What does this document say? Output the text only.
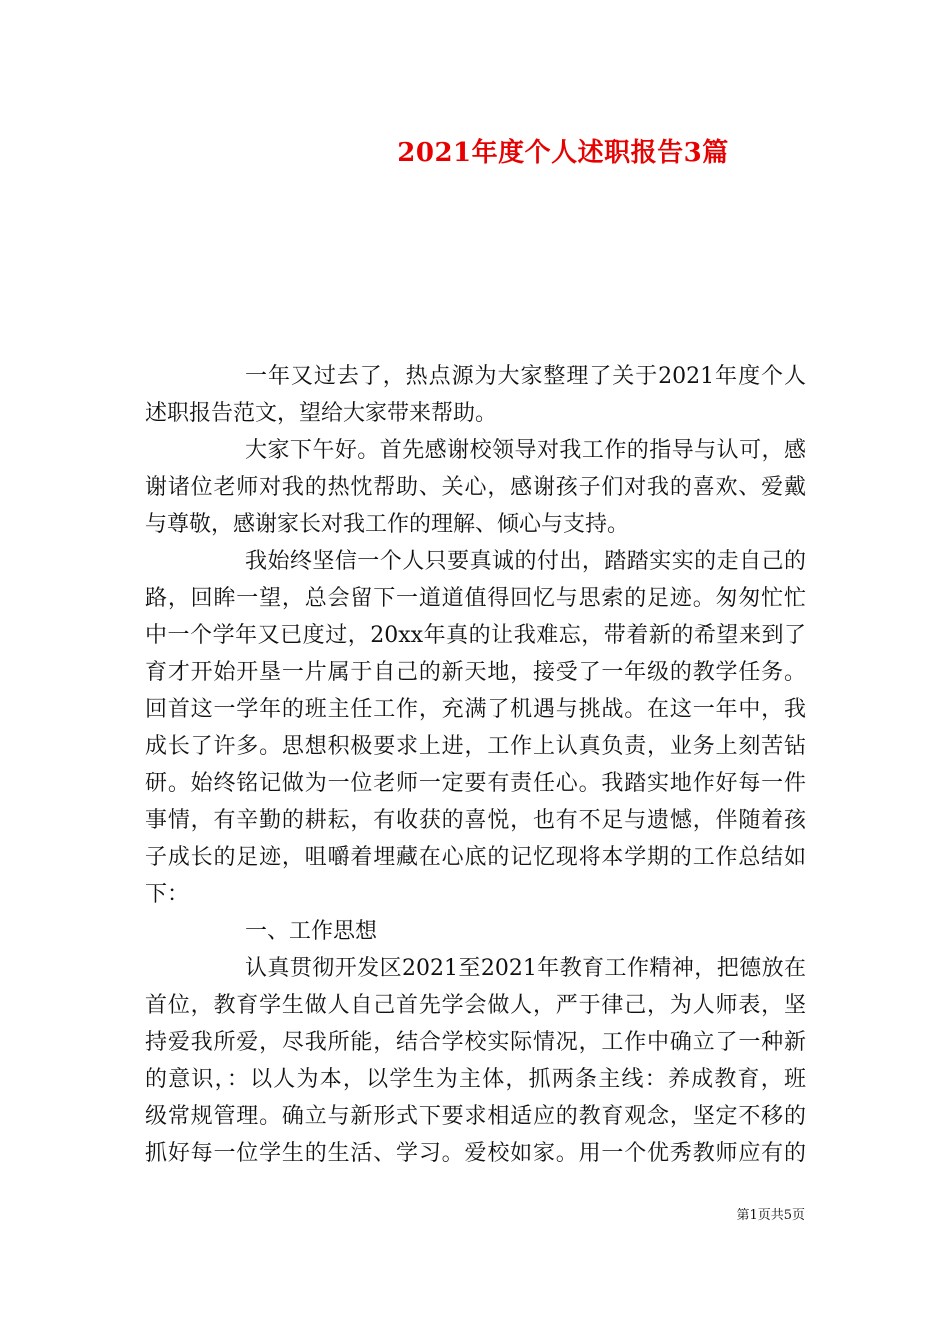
2021年度个人述职报告3篇
一年又过去了，热点源为大家整理了关于2021年度个人
述职报告范文，望给大家带来帮助。
大家下午好。首先感谢校领导对我工作的指导与认可，感
谢诸位老师对我的热忱帮助、关心，感谢孩子们对我的喜欢、爱戴
与尊敬，感谢家长对我工作的理解、倾心与支持。
我始终坚信一个人只要真诚的付出，踏踏实实的走自己的
路，回眸一望，总会留下一道道值得回忆与思索的足迹。匆匆忙忙
中一个学年又已度过，20xx年真的让我难忘，带着新的希望来到了
育才开始开垦一片属于自己的新天地，接受了一年级的教学任务。
回首这一学年的班主任工作，充满了机遇与挑战。在这一年中，我
成长了许多。思想积极要求上进，工作上认真负责，业务上刻苦钻
研。始终铭记做为一位老师一定要有责任心。我踏实地作好每一件
事情，有辛勤的耕耘，有收获的喜悦，也有不足与遗憾，伴随着孩
子成长的足迹，咀嚼着埋藏在心底的记忆现将本学期的工作总结如
下：
一、工作思想
认真贯彻开发区2021至2021年教育工作精神，把德放在
首位，教育学生做人自己首先学会做人，严于律己，为人师表，坚
持爱我所爱，尽我所能，结合学校实际情况，工作中确立了一种新
的意识，：以人为本，以学生为主体，抓两条主线：养成教育，班
级常规管理。确立与新形式下要求相适应的教育观念，坚定不移的
抓好每一位学生的生活、学习。爱校如家。用一个优秀教师应有的
第1页共5页
